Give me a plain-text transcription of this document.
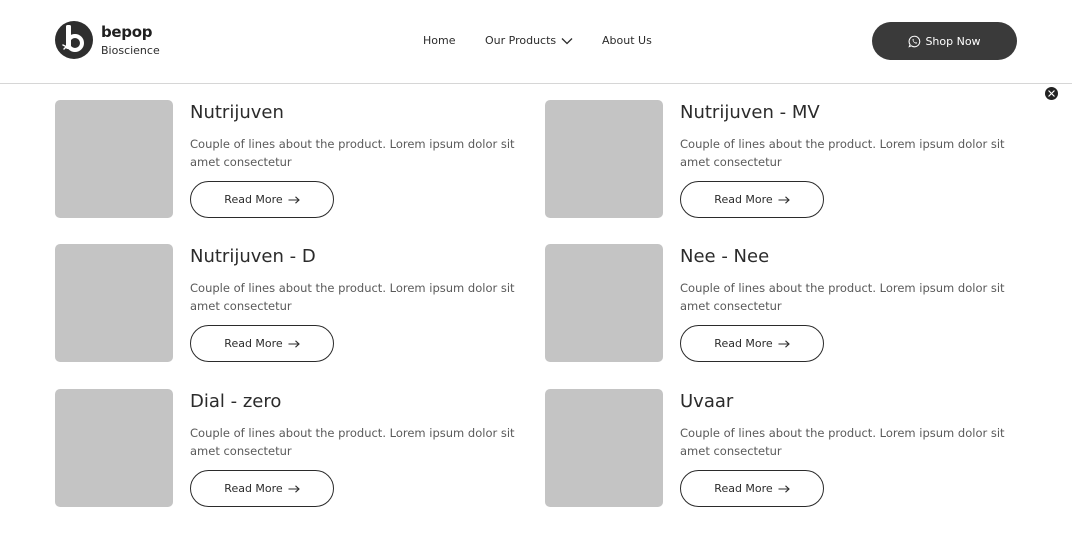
bepop
Bioscience
Home	Our Products	About Us	Shop Now
Nutrijuven
Couple of lines about the product. Lorem ipsum dolor sit amet consectetur
Read More
Nutrijuven - MV
Couple of lines about the product. Lorem ipsum dolor sit amet consectetur
Read More
Nutrijuven - D
Couple of lines about the product. Lorem ipsum dolor sit amet consectetur
Read More
Nee - Nee
Couple of lines about the product. Lorem ipsum dolor sit amet consectetur
Read More
Dial - zero
Couple of lines about the product. Lorem ipsum dolor sit amet consectetur
Read More
Uvaar
Couple of lines about the product. Lorem ipsum dolor sit amet consectetur
Read More
